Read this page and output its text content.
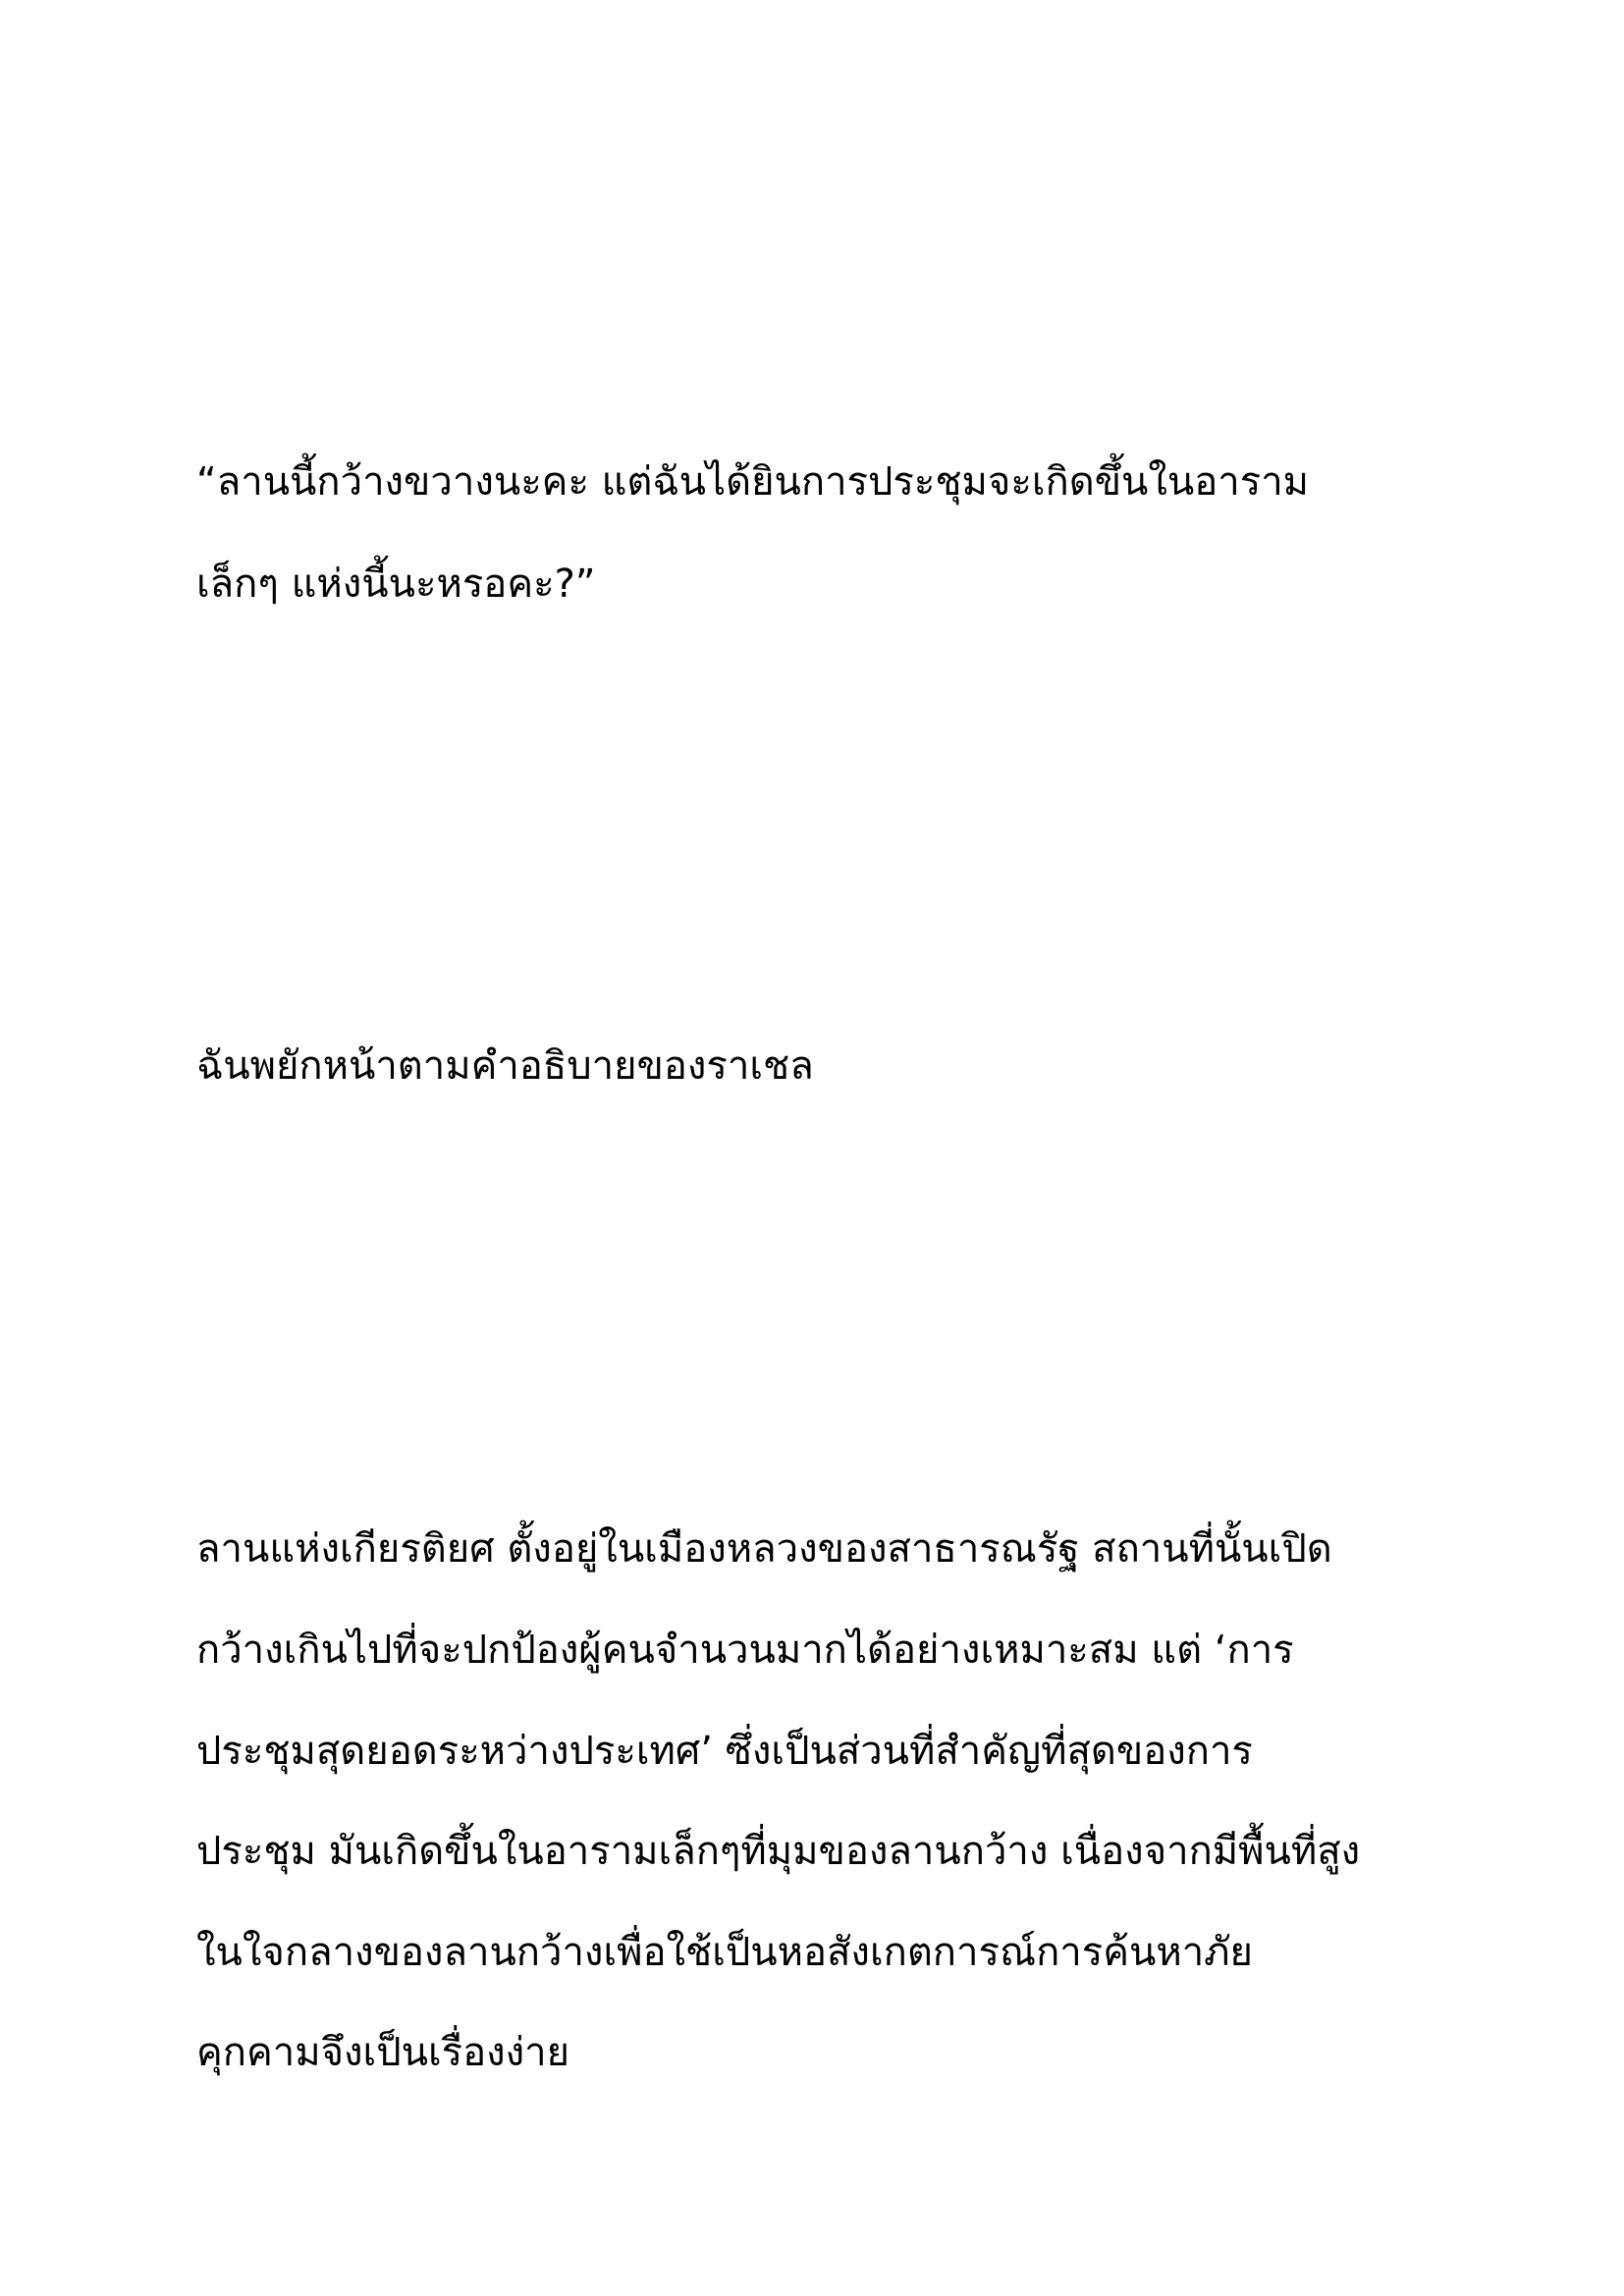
“ลานนี้กว้างขวางนะคะ แต่ฉันได้ยินการประชุมจะเกิดขึ้นในอาราม

เล็กๆ แห่งนี้นะหรอคะ?”

ฉันพยักหน้าตามคำอธิบายของราเชล

ลานแห่งเกียรติยศ ตั้งอยู่ในเมืองหลวงของสาธารณรัฐ สถานที่นั้นเปิด

กว้างเกินไปที่จะปกป้องผู้คนจำนวนมากได้อย่างเหมาะสม แต่ ‘การ

ประชุมสุดยอดระหว่างประเทศ’ ซึ่งเป็นส่วนที่สำคัญที่สุดของการ

ประชุม มันเกิดขึ้นในอารามเล็กๆที่มุมของลานกว้าง เนื่องจากมีพื้นที่สูง

ในใจกลางของลานกว้างเพื่อใช้เป็นหอสังเกตการณ์การค้นหาภัย

คุกคามจึงเป็นเรื่องง่าย
